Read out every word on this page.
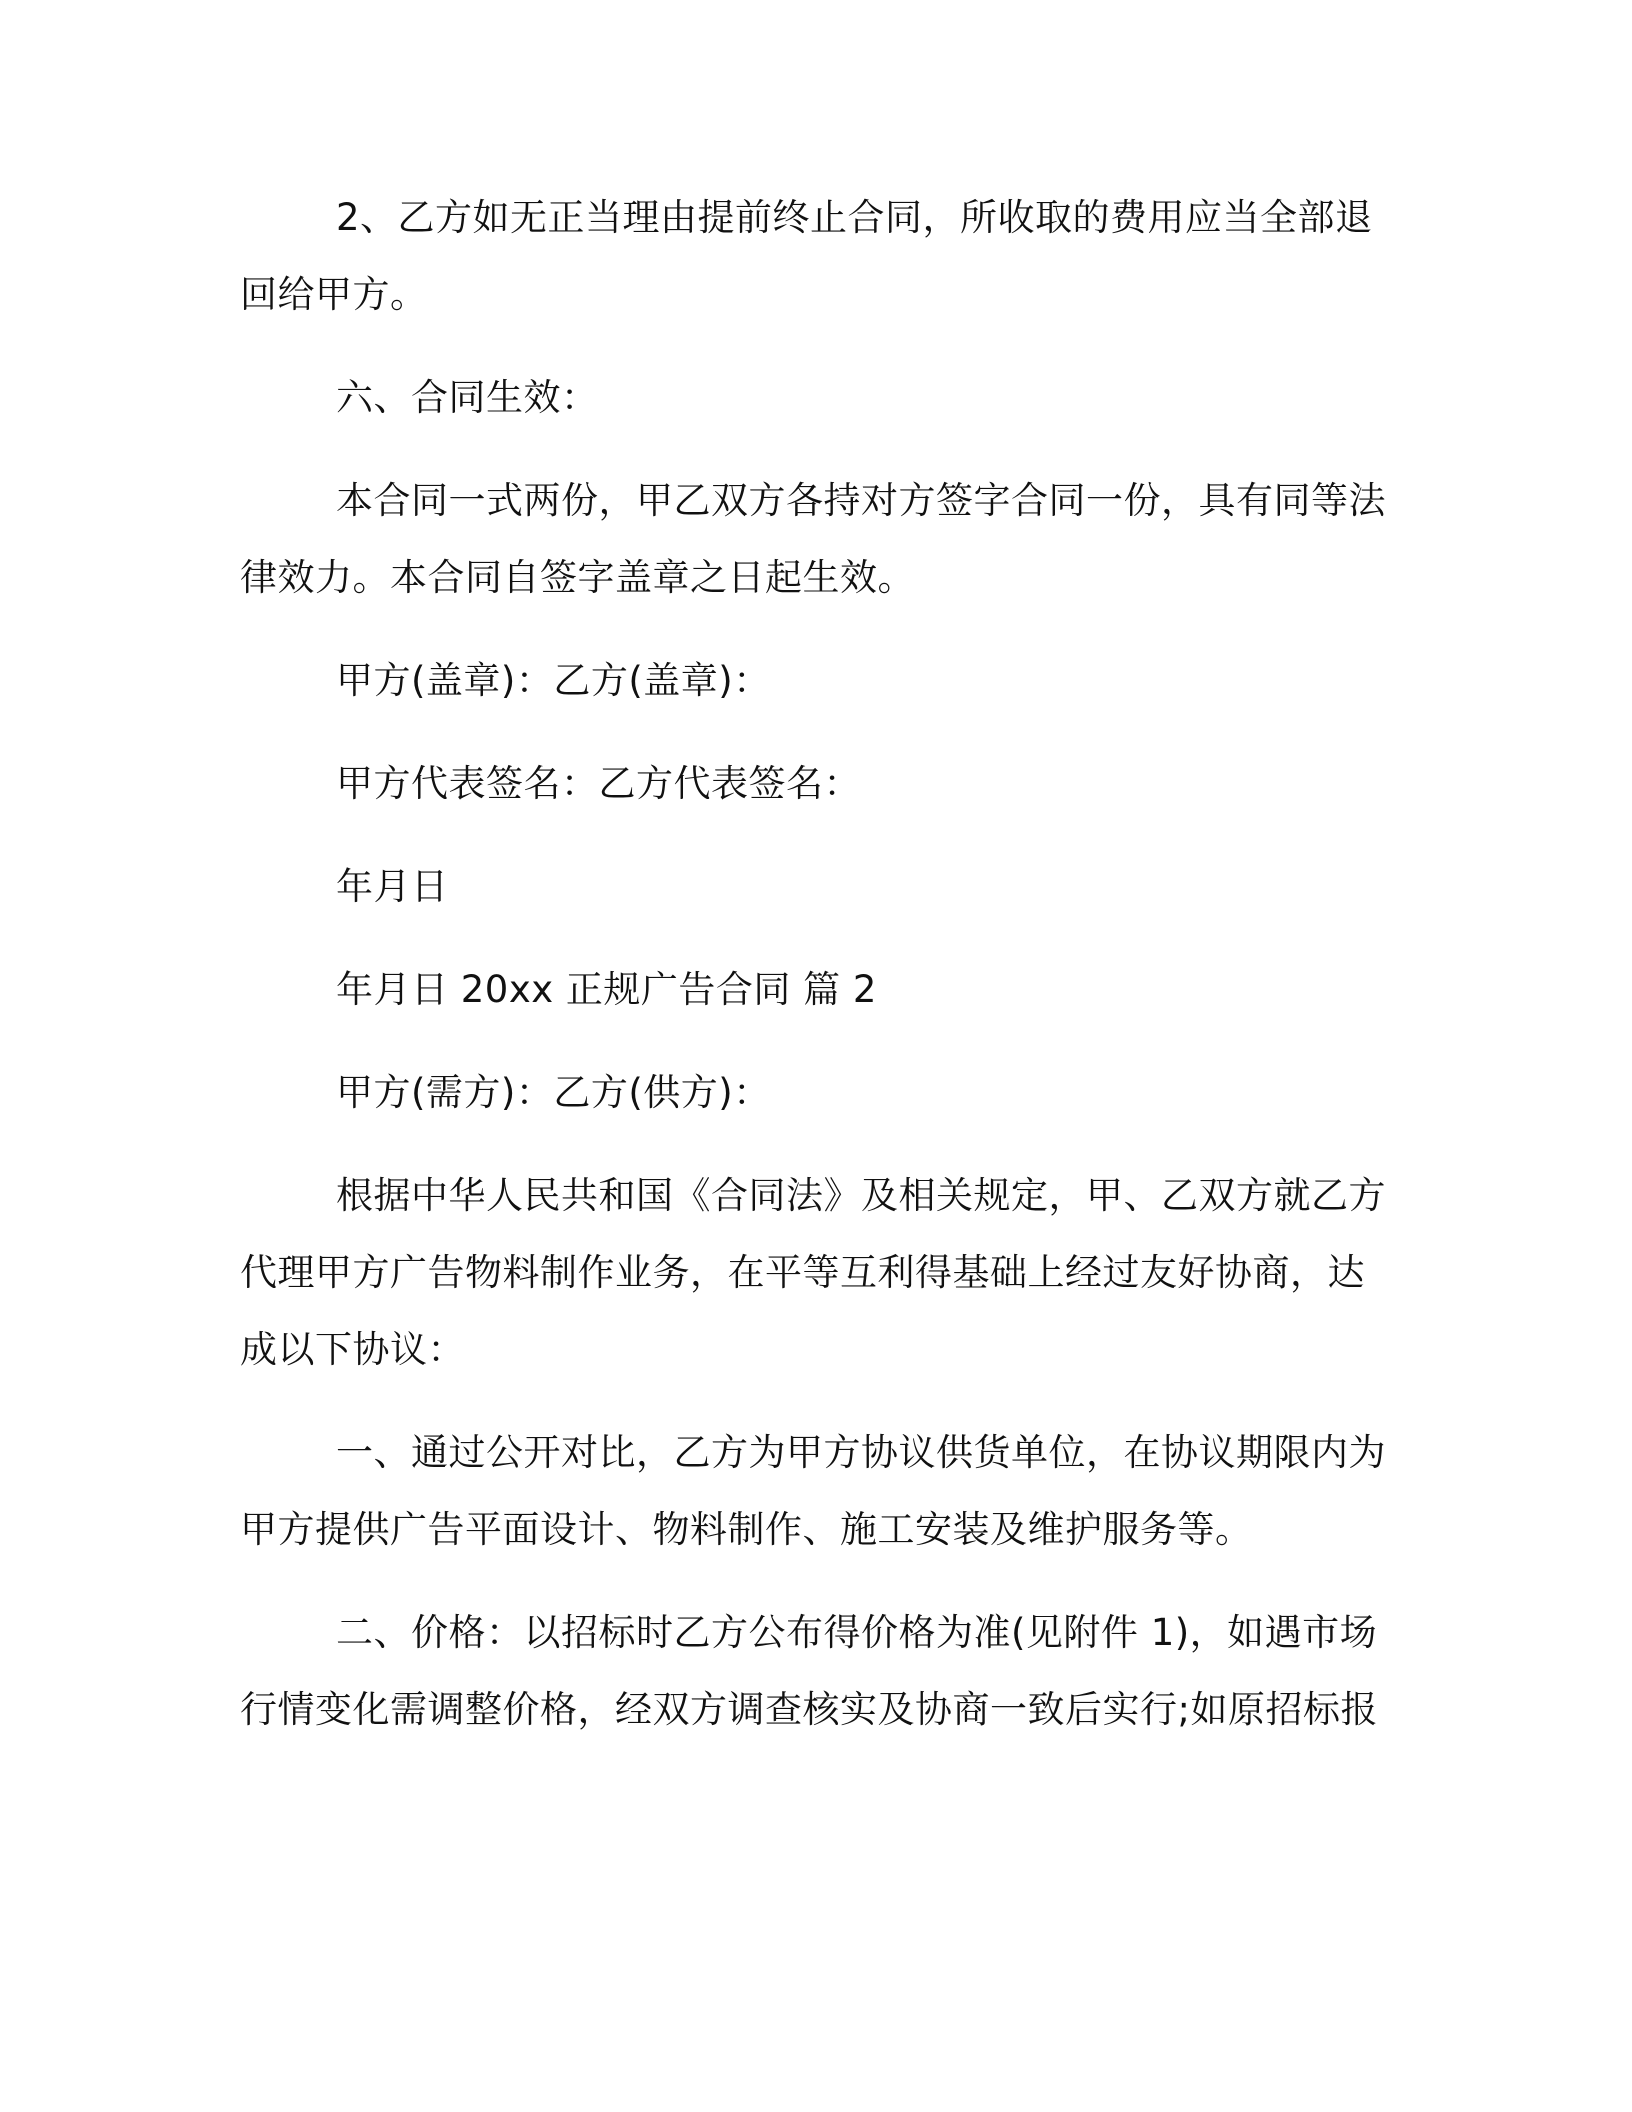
2、乙方如无正当理由提前终止合同，所收取的费用应当全部退
回给甲方。
六、合同生效：
本合同一式两份，甲乙双方各持对方签字合同一份，具有同等法
律效力。本合同自签字盖章之日起生效。
甲方(盖章)：乙方(盖章)：
甲方代表签名：乙方代表签名：
年月日
年月日 20xx 正规广告合同 篇 2
甲方(需方)：乙方(供方)：
根据中华人民共和国《合同法》及相关规定，甲、乙双方就乙方
代理甲方广告物料制作业务，在平等互利得基础上经过友好协商，达
成以下协议：
一、通过公开对比，乙方为甲方协议供货单位，在协议期限内为
甲方提供广告平面设计、物料制作、施工安装及维护服务等。
二、价格：以招标时乙方公布得价格为准(见附件 1)，如遇市场
行情变化需调整价格，经双方调查核实及协商一致后实行;如原招标报
